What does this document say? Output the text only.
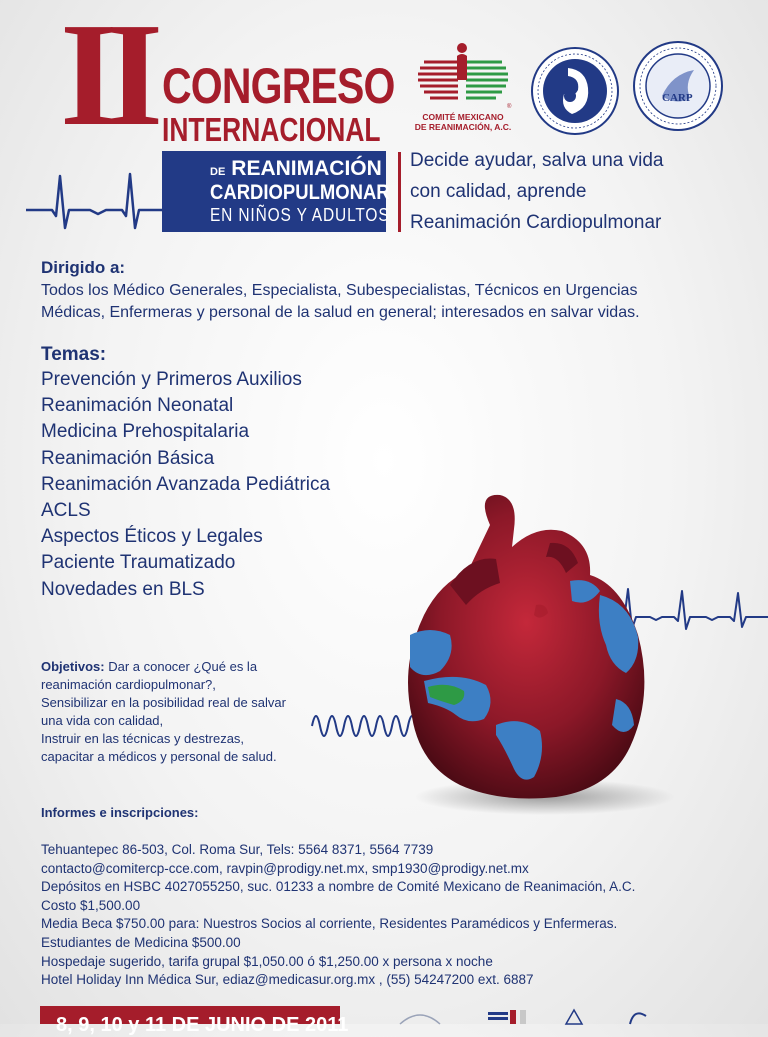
II CONGRESO
INTERNACIONAL
DE REANIMACIÓN
CARDIOPULMONAR
EN NIÑOS Y ADULTOS
Decide ayudar, salva una vida
con calidad, aprende
Reanimación Cardiopulmonar
®
COMITÉ MEXICANO
DE REANIMACIÓN, A.C.
CARP
Dirigido a:
Todos los Médico Generales, Especialista, Subespecialistas, Técnicos en Urgencias
Médicas, Enfermeras y personal de la salud en general; interesados en salvar vidas.
Temas:
Prevención y Primeros Auxilios
Reanimación Neonatal
Medicina Prehospitalaria
Reanimación Básica
Reanimación Avanzada Pediátrica
ACLS
Aspectos Éticos y Legales
Paciente Traumatizado
Novedades en BLS
Objetivos: Dar a conocer ¿Qué es la
reanimación cardiopulmonar?,
Sensibilizar en la posibilidad real de salvar
una vida con calidad,
Instruir en las técnicas y destrezas,
capacitar a médicos y personal de salud.
Informes e inscripciones:
Tehuantepec 86-503, Col. Roma Sur, Tels: 5564 8371, 5564 7739
contacto@comitercp-cce.com, ravpin@prodigy.net.mx, smp1930@prodigy.net.mx
Depósitos en HSBC 4027055250, suc. 01233 a nombre de Comité Mexicano de Reanimación, A.C.
Costo $1,500.00
Media Beca $750.00 para: Nuestros Socios al corriente, Residentes Paramédicos y Enfermeras.
Estudiantes de Medicina $500.00
Hospedaje sugerido, tarifa grupal $1,050.00 ó $1,250.00 x persona x noche
Hotel Holiday Inn Médica Sur, ediaz@medicasur.org.mx , (55) 54247200 ext. 6887
8, 9, 10 y 11 DE JUNIO DE 2011
